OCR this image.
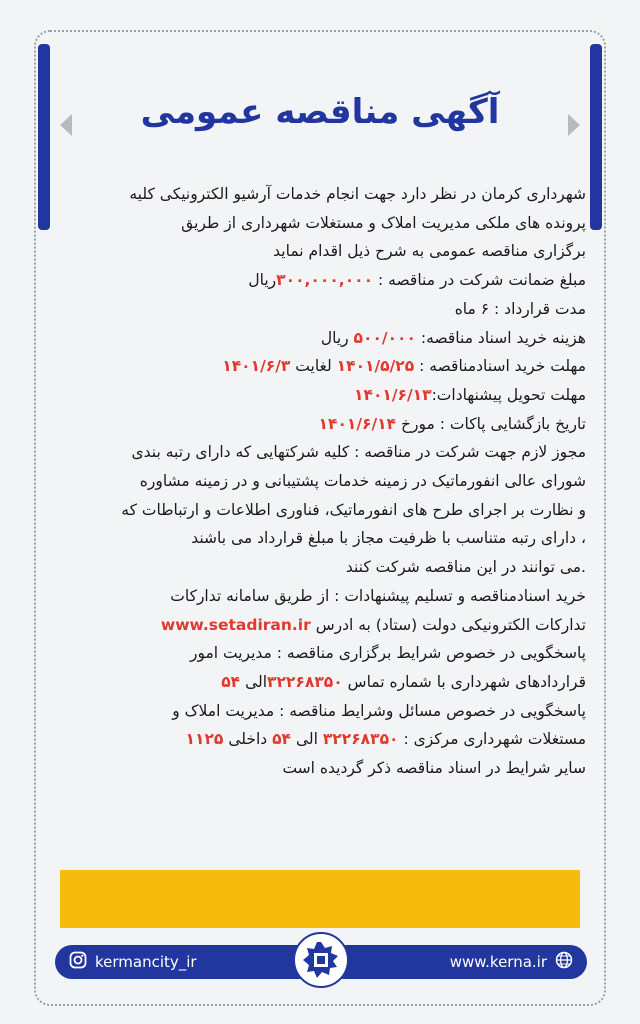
آگهی مناقصه عمومی
شهرداری کرمان در نظر دارد جهت انجام خدمات آرشیو الکترونیکی کلیه
پرونده های ملکی مدیریت املاک و مستغلات شهرداری از طریق
برگزاری مناقصه عمومی به شرح ذیل اقدام نماید
مبلغ ضمانت شرکت در مناقصه : ۳۰۰,۰۰۰,۰۰۰ریال
مدت قرارداد : ۶ ماه
هزینه خرید اسناد مناقصه: ۵۰۰/۰۰۰ ریال
مهلت خرید اسنادمناقصه : ۱۴۰۱/۵/۲۵ لغایت ۱۴۰۱/۶/۳
مهلت تحویل پیشنهادات:۱۴۰۱/۶/۱۳
تاریخ بازگشایی پاکات : مورخ ۱۴۰۱/۶/۱۴
مجوز لازم جهت شرکت در مناقصه : کلیه شرکتهایی که دارای رتبه بندی
شورای عالی انفورماتیک در زمینه خدمات پشتیبانی و در زمینه مشاوره
و نظارت بر اجرای طرح های انفورماتیک، فناوری اطلاعات و ارتباطات که
، دارای رتبه متناسب با ظرفیت مجاز با مبلغ قرارداد می باشند
.می توانند در این مناقصه شرکت کنند
خرید اسنادمناقصه و تسلیم پیشنهادات : از طریق سامانه تدارکات
تدارکات الکترونیکی دولت (ستاد) به ادرس www.setadiran.ir
پاسخگویی در خصوص شرایط برگزاری مناقصه : مدیریت امور
قراردادهای شهرداری با شماره تماس ۳۲۲۶۸۳۵۰الی ۵۴
پاسخگویی در خصوص مسائل وشرایط مناقصه : مدیریت املاک و
مستغلات شهرداری مرکزی : ۳۲۲۶۸۳۵۰ الی ۵۴ داخلی ۱۱۲۵
سایر شرایط در اسناد مناقصه ذکر گردیده است
kermancity_ir	www.kerna.ir
